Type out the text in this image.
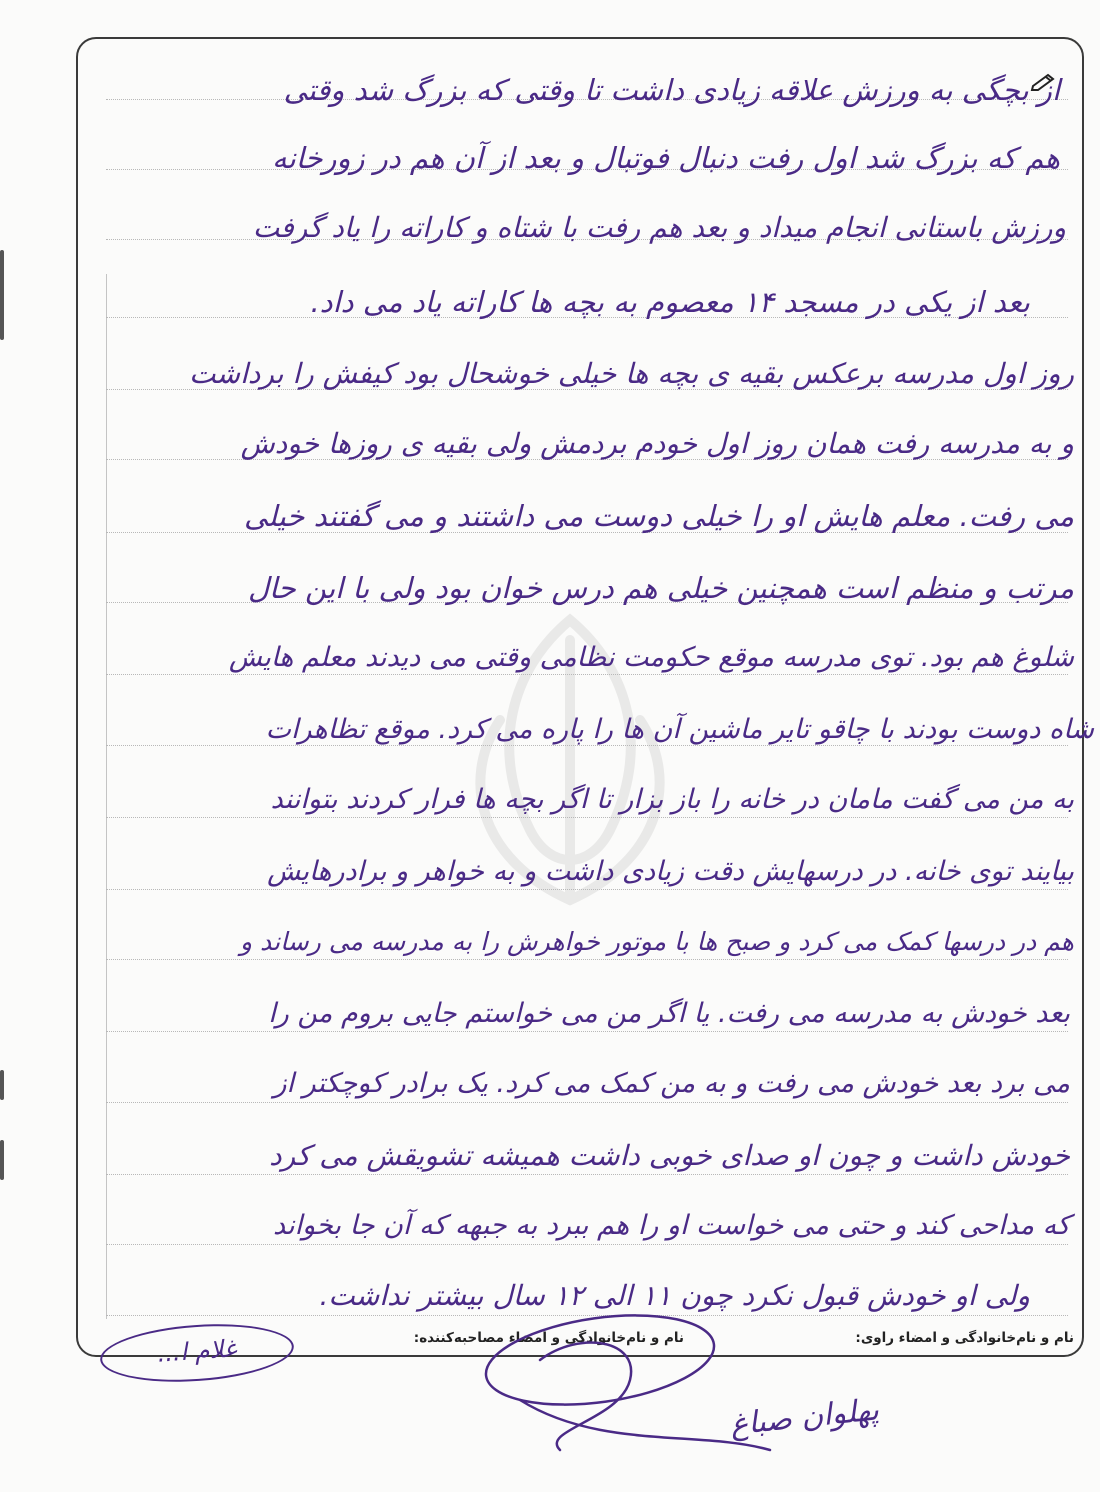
از بچگی به ورزش علاقه زیادی داشت تا وقتی که بزرگ شد وقتی
هم که بزرگ شد اول رفت دنبال فوتبال و بعد از آن هم در زورخانه
ورزش باستانی انجام میداد و بعد هم رفت با شتاه و کاراته را یاد گرفت
بعد از یکی در مسجد ۱۴ معصوم به بچه ها کاراته یاد می داد.
روز اول مدرسه برعکس بقیه ی بچه ها خیلی خوشحال بود کیفش را برداشت
و به مدرسه رفت همان روز اول خودم بردمش ولی بقیه ی روزها خودش
می رفت. معلم هایش او را خیلی دوست می داشتند و می گفتند خیلی
مرتب و منظم است همچنین خیلی هم درس خوان بود ولی با این حال
شلوغ هم بود. توی مدرسه موقع حکومت نظامی وقتی می دیدند معلم هایش
شاه دوست بودند با چاقو تایر ماشین آن ها را پاره می کرد. موقع تظاهرات
به من می گفت مامان در خانه را باز بزار تا اگر بچه ها فرار کردند بتوانند
بیایند توی خانه. در درسهایش دقت زیادی داشت و به خواهر و برادرهایش
هم در درسها کمک می کرد و صبح ها با موتور خواهرش را به مدرسه می رساند و
بعد خودش به مدرسه می رفت. یا اگر من می خواستم جایی بروم من را
می برد بعد خودش می رفت و به من کمک می کرد. یک برادر کوچکتر از
خودش داشت و چون او صدای خوبی داشت همیشه تشویقش می کرد
که مداحی کند و حتی می خواست او را هم ببرد به جبهه که آن جا بخواند
ولی او خودش قبول نکرد چون ۱۱ الی ۱۲ سال بیشتر نداشت.
نام و نام‌خانوادگی و امضاء راوی:
نام و نام‌خانوادگی و امضاء مصاحبه‌کننده:
غلام ا...
پهلوان صباغ
